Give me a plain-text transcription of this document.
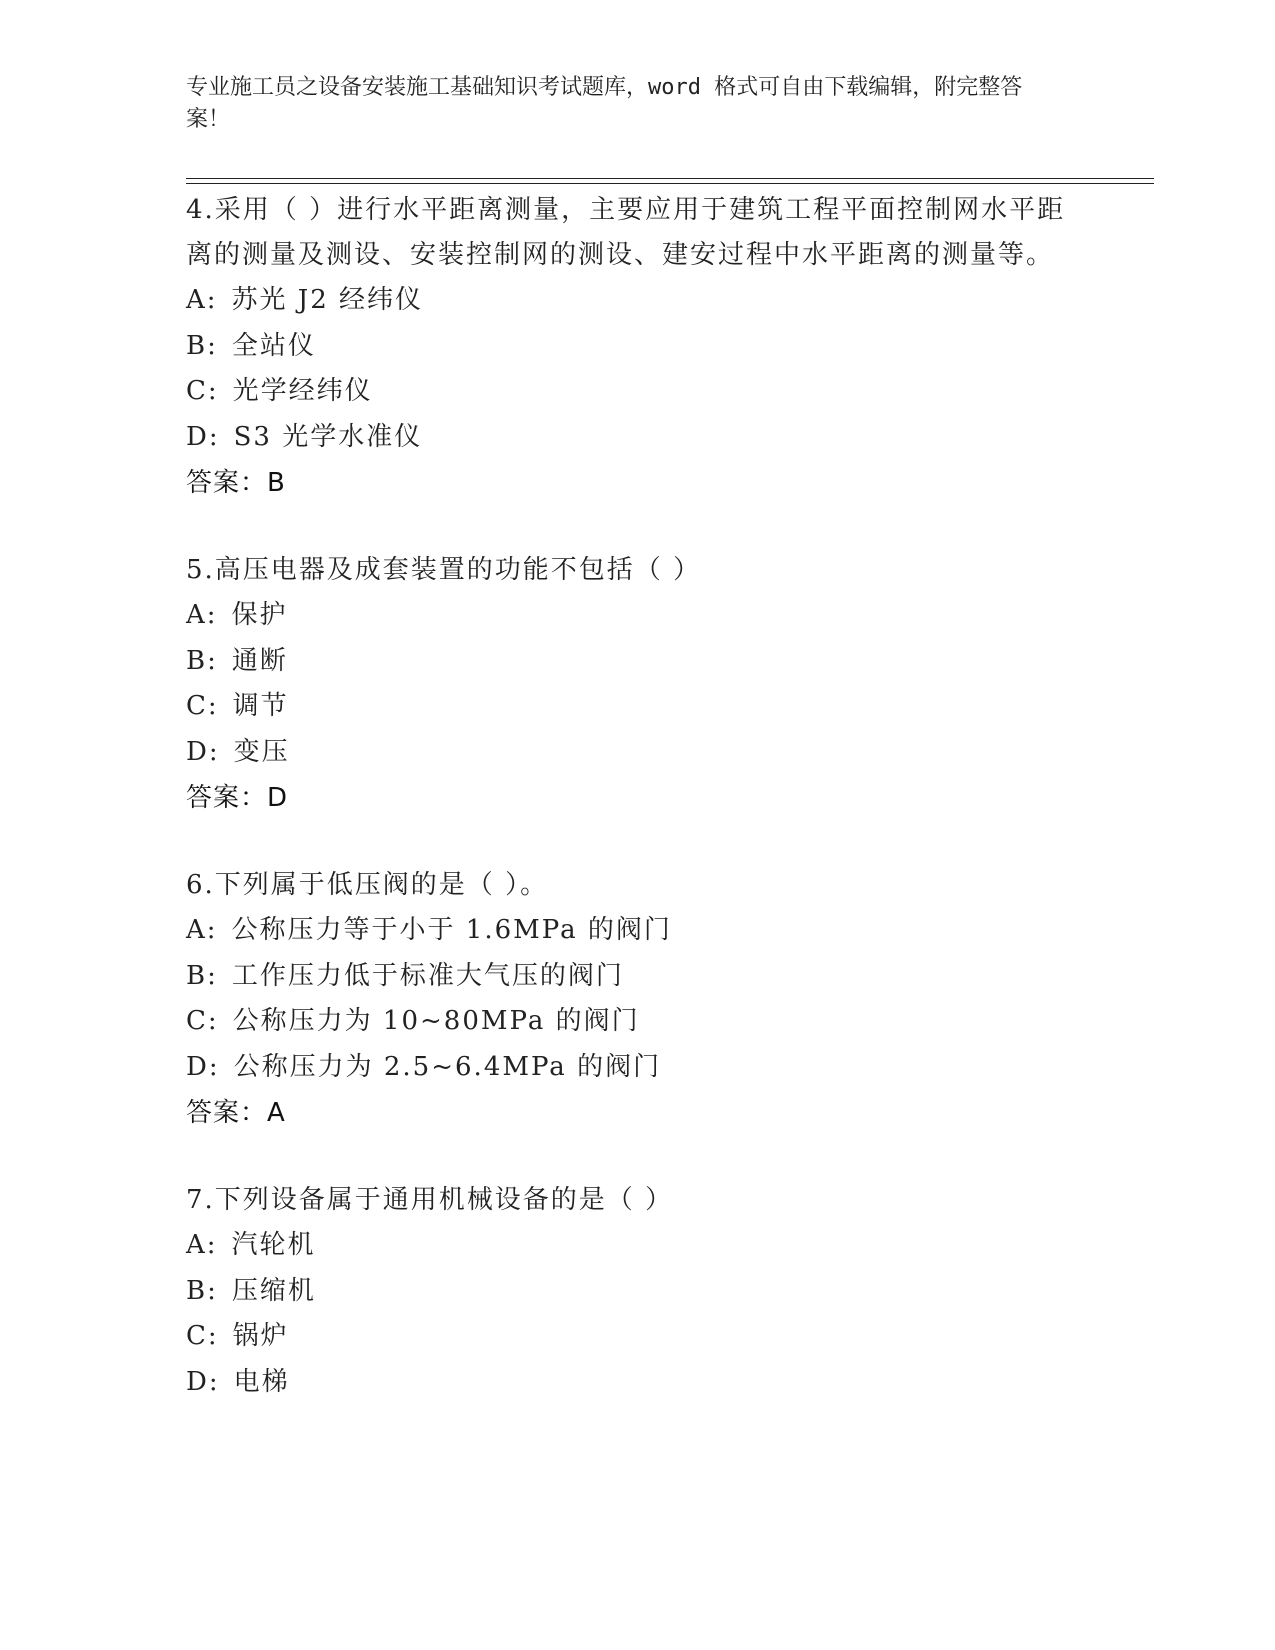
专业施工员之设备安装施工基础知识考试题库，word 格式可自由下载编辑，附完整答案！

4.采用（ ）进行水平距离测量，主要应用于建筑工程平面控制网水平距离的测量及测设、安装控制网的测设、建安过程中水平距离的测量等。

A: 苏光 J2 经纬仪

B: 全站仪

C: 光学经纬仪

D: S3 光学水准仪

答案：B

5.高压电器及成套装置的功能不包括（ ）

A: 保护

B: 通断

C: 调节

D: 变压

答案：D

6.下列属于低压阀的是（ ）。

A: 公称压力等于小于 1.6MPa 的阀门

B: 工作压力低于标准大气压的阀门

C: 公称压力为 10~80MPa 的阀门

D: 公称压力为 2.5~6.4MPa 的阀门

答案：A

7.下列设备属于通用机械设备的是（ ）

A: 汽轮机

B: 压缩机

C: 锅炉

D: 电梯
